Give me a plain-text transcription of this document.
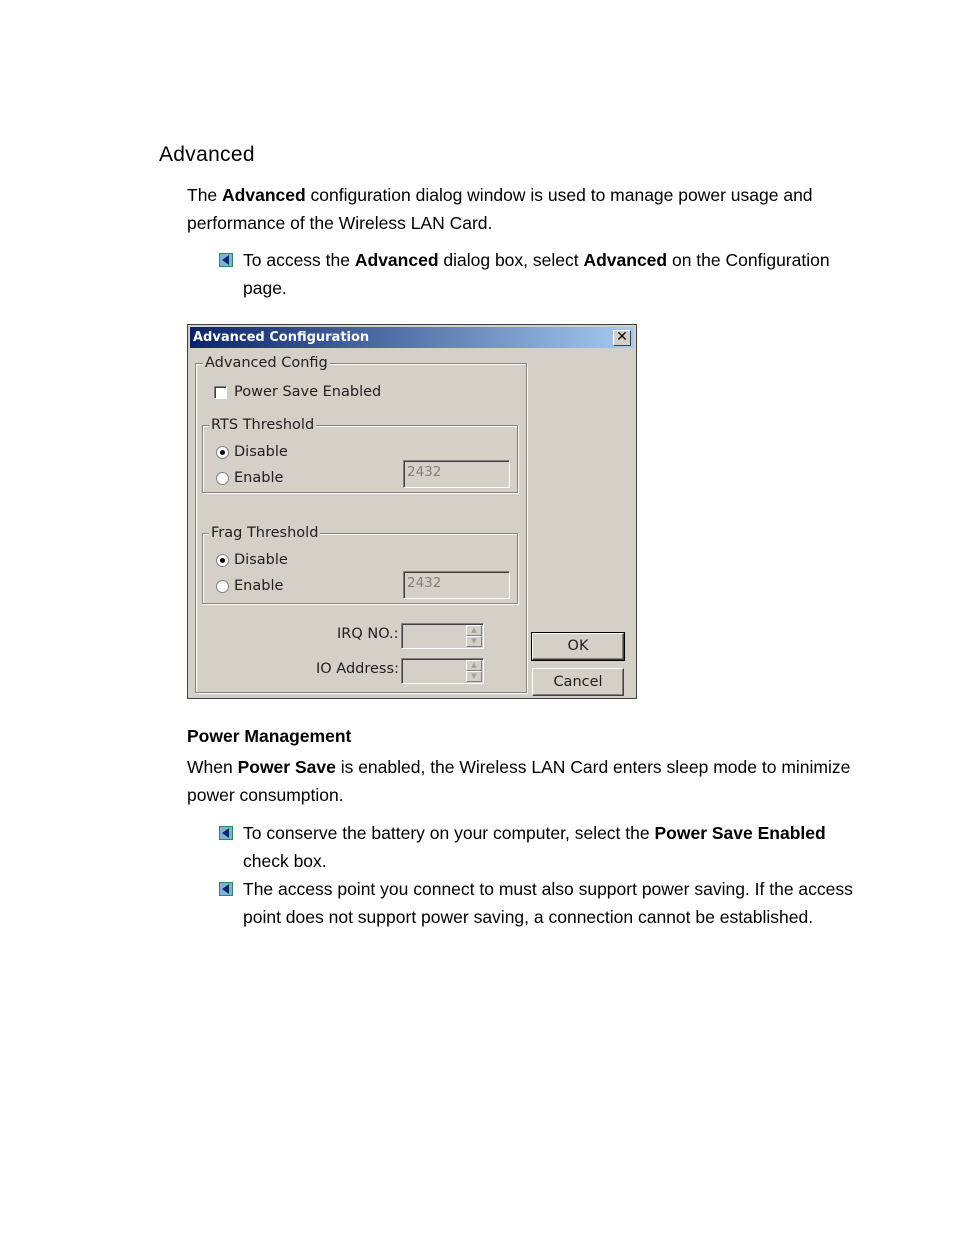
Advanced

The Advanced configuration dialog window is used to manage power usage and performance of the Wireless LAN Card.

To access the Advanced dialog box, select Advanced on the Configuration page.

Advanced Configuration	✕
Advanced Config
Power Save Enabled
RTS Threshold
Disable
Enable	2432
Frag Threshold
Disable
Enable	2432
IRQ NO.:	▲
▼
IO Address:	▲
▼
OK
Cancel
Power Management

When Power Save is enabled, the Wireless LAN Card enters sleep mode to minimize power consumption.

To conserve the battery on your computer, select the Power Save Enabled check box.

The access point you connect to must also support power saving. If the access point does not support power saving, a connection cannot be established.
